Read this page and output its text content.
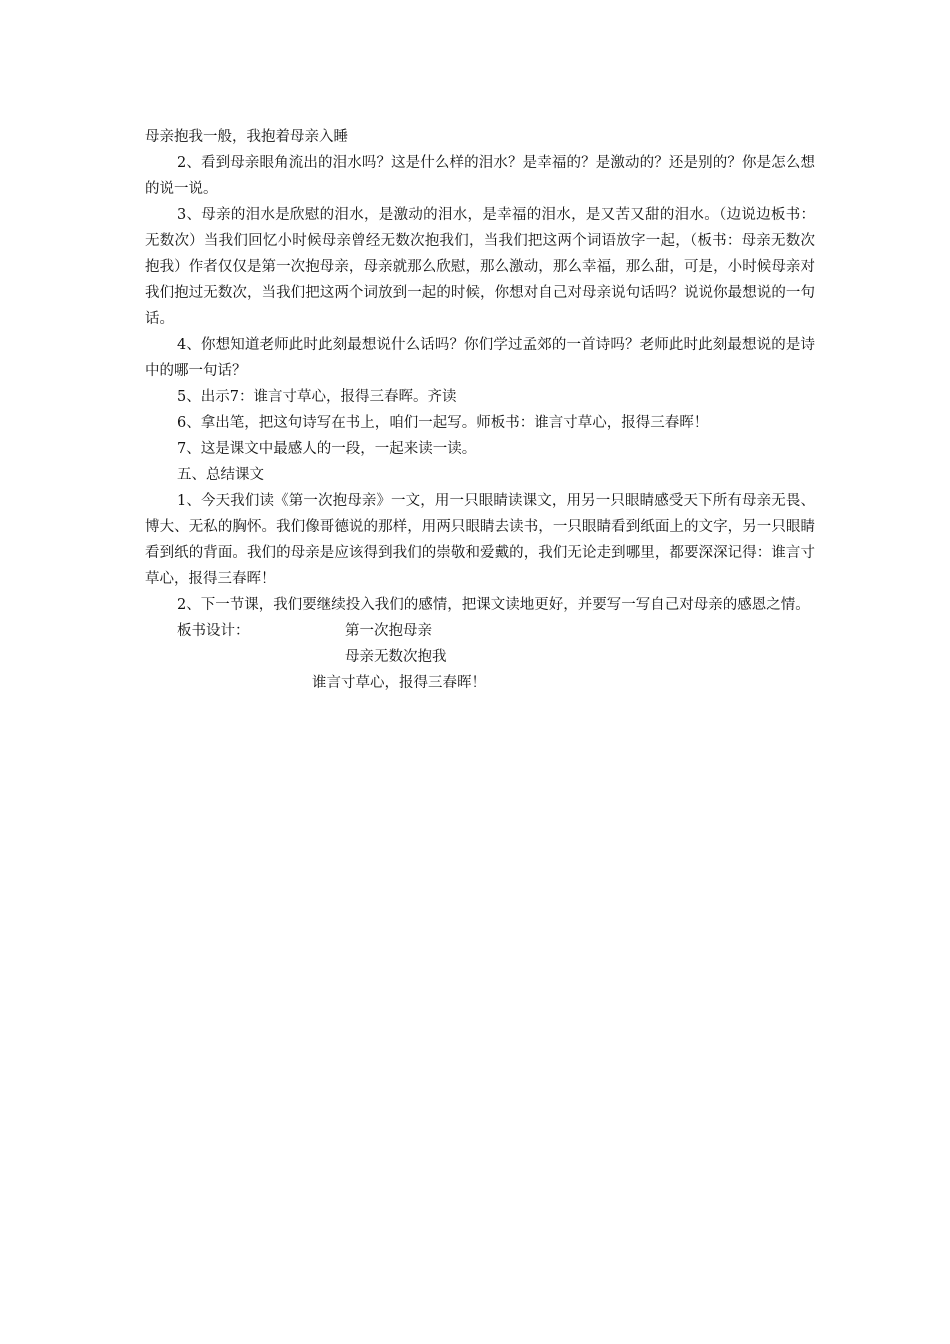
母亲抱我一般，我抱着母亲入睡

2、看到母亲眼角流出的泪水吗？这是什么样的泪水？是幸福的？是激动的？还是别的？你是怎么想的说一说。

3、母亲的泪水是欣慰的泪水，是激动的泪水，是幸福的泪水，是又苦又甜的泪水。（边说边板书：无数次）当我们回忆小时候母亲曾经无数次抱我们，当我们把这两个词语放字一起，（板书：母亲无数次抱我）作者仅仅是第一次抱母亲，母亲就那么欣慰，那么激动，那么幸福，那么甜，可是，小时候母亲对我们抱过无数次，当我们把这两个词放到一起的时候，你想对自己对母亲说句话吗？说说你最想说的一句话。

4、你想知道老师此时此刻最想说什么话吗？你们学过孟郊的一首诗吗？老师此时此刻最想说的是诗中的哪一句话？

5、出示7：谁言寸草心，报得三春晖。齐读

6、拿出笔，把这句诗写在书上，咱们一起写。师板书：谁言寸草心，报得三春晖！

7、这是课文中最感人的一段，一起来读一读。

五、总结课文

1、今天我们读《第一次抱母亲》一文，用一只眼睛读课文，用另一只眼睛感受天下所有母亲无畏、博大、无私的胸怀。我们像哥德说的那样，用两只眼睛去读书，一只眼睛看到纸面上的文字，另一只眼睛看到纸的背面。我们的母亲是应该得到我们的崇敬和爱戴的，我们无论走到哪里，都要深深记得：谁言寸草心，报得三春晖！

2、下一节课，我们要继续投入我们的感情，把课文读地更好，并要写一写自己对母亲的感恩之情。

板书设计：	第一次抱母亲
母亲无数次抱我
谁言寸草心，报得三春晖！
